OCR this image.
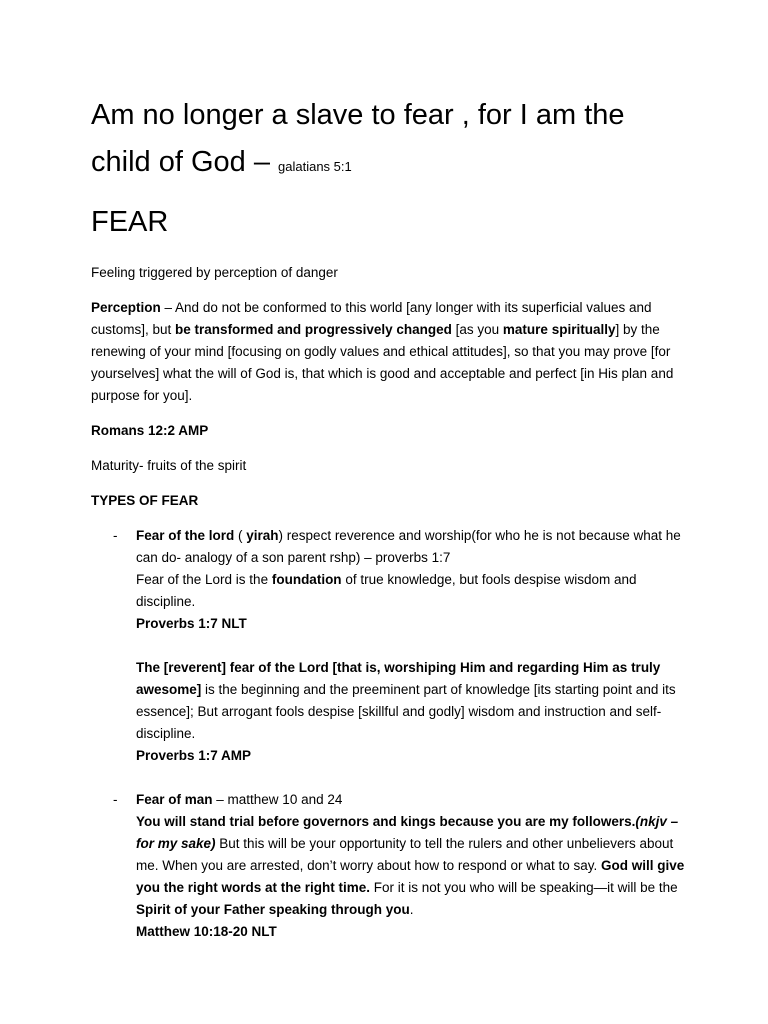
Am no longer a slave to fear , for I am the
child of God – galatians 5:1
FEAR

Feeling triggered by perception of danger

Perception – And do not be conformed to this world [any longer with its superficial values and customs], but be transformed and progressively changed [as you mature spiritually] by the renewing of your mind [focusing on godly values and ethical attitudes], so that you may prove [for yourselves] what the will of God is, that which is good and acceptable and perfect [in His plan and purpose for you].

Romans 12:2 AMP

Maturity- fruits of the spirit

TYPES OF FEAR

- Fear of the lord ( yirah) respect reverence and worship(for who he is not because what he can do- analogy of a son parent rshp) – proverbs 1:7

Fear of the Lord is the foundation of true knowledge, but fools despise wisdom and discipline.

Proverbs 1:7 NLT

The [reverent] fear of the Lord [that is, worshiping Him and regarding Him as truly awesome] is the beginning and the preeminent part of knowledge [its starting point and its essence]; But arrogant fools despise [skillful and godly] wisdom and instruction and self-discipline.

Proverbs 1:7 AMP

- Fear of man – matthew 10 and 24

You will stand trial before governors and kings because you are my followers.(nkjv – for my sake) But this will be your opportunity to tell the rulers and other unbelievers about me. When you are arrested, don’t worry about how to respond or what to say. God will give you the right words at the right time. For it is not you who will be speaking—it will be the Spirit of your Father speaking through you.

Matthew 10:18-20 NLT
